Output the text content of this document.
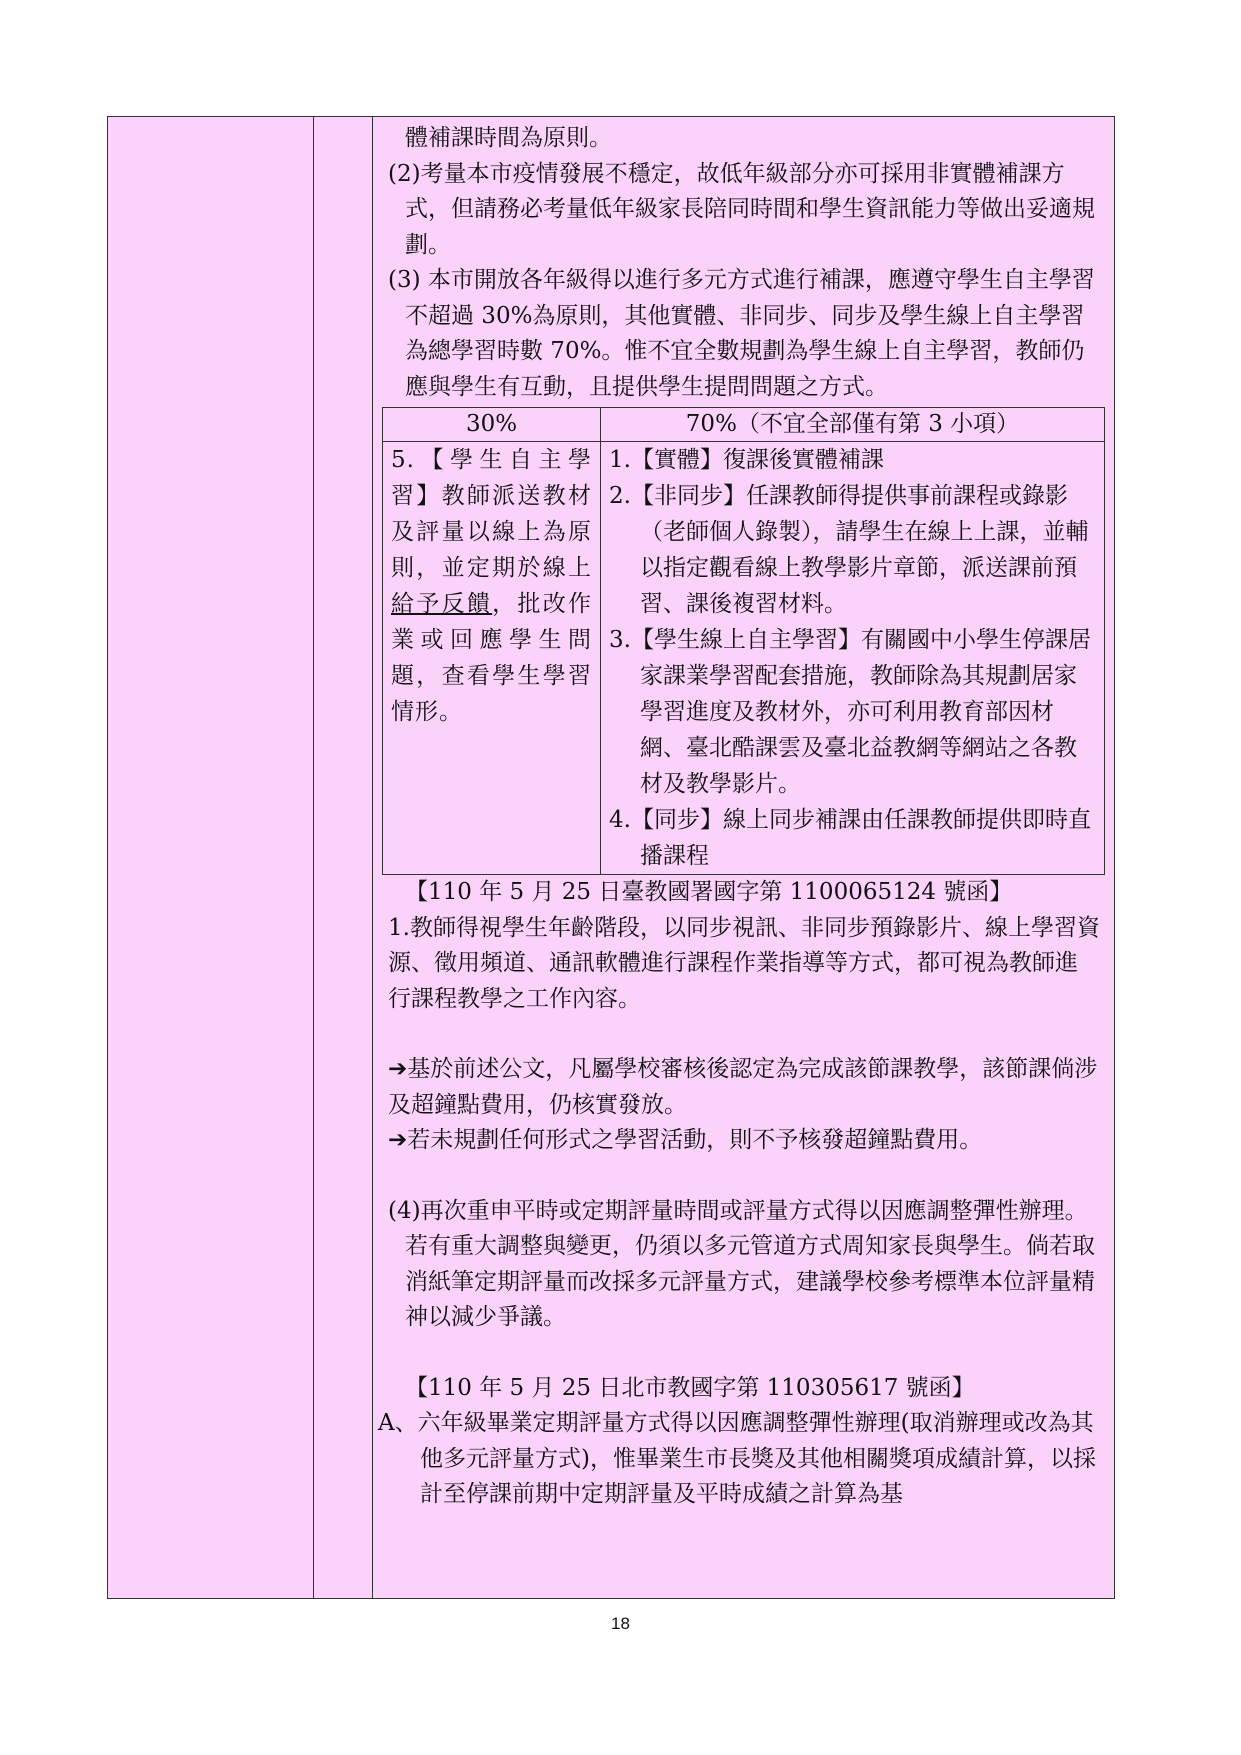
體補課時間為原則。

(2)考量本市疫情發展不穩定，故低年級部分亦可採用非實體補課方式，但請務必考量低年級家長陪同時間和學生資訊能力等做出妥適規劃。

(3) 本市開放各年級得以進行多元方式進行補課，應遵守學生自主學習不超過 30%為原則，其他實體、非同步、同步及學生線上自主學習為總學習時數 70%。惟不宜全數規劃為學生線上自主學習，教師仍應與學生有互動，且提供學生提問問題之方式。

30%	70%（不宜全部僅有第 3 小項）
5.【學生自主學習】教師派送教材及評量以線上為原則，並定期於線上給予反饋，批改作業或回應學生問題，查看學生學習情形。	1.【實體】復課後實體補課
2.【非同步】任課教師得提供事前課程或錄影（老師個人錄製），請學生在線上上課，並輔以指定觀看線上教學影片章節，派送課前預習、課後複習材料。
3.【學生線上自主學習】有關國中小學生停課居家課業學習配套措施，教師除為其規劃居家學習進度及教材外，亦可利用教育部因材網、臺北酷課雲及臺北益教網等網站之各教材及教學影片。
4.【同步】線上同步補課由任課教師提供即時直播課程

【110 年 5 月 25 日臺教國署國字第 1100065124 號函】

1.教師得視學生年齡階段，以同步視訊、非同步預錄影片、線上學習資源、徵用頻道、通訊軟體進行課程作業指導等方式，都可視為教師進行課程教學之工作內容。

➔基於前述公文，凡屬學校審核後認定為完成該節課教學，該節課倘涉及超鐘點費用，仍核實發放。

➔若未規劃任何形式之學習活動，則不予核發超鐘點費用。

(4)再次重申平時或定期評量時間或評量方式得以因應調整彈性辦理。若有重大調整與變更，仍須以多元管道方式周知家長與學生。倘若取消紙筆定期評量而改採多元評量方式，建議學校參考標準本位評量精神以減少爭議。

【110 年 5 月 25 日北市教國字第 110305617 號函】

A、六年級畢業定期評量方式得以因應調整彈性辦理(取消辦理或改為其他多元評量方式)，惟畢業生市長獎及其他相關獎項成績計算，以採計至停課前期中定期評量及平時成績之計算為基

18
